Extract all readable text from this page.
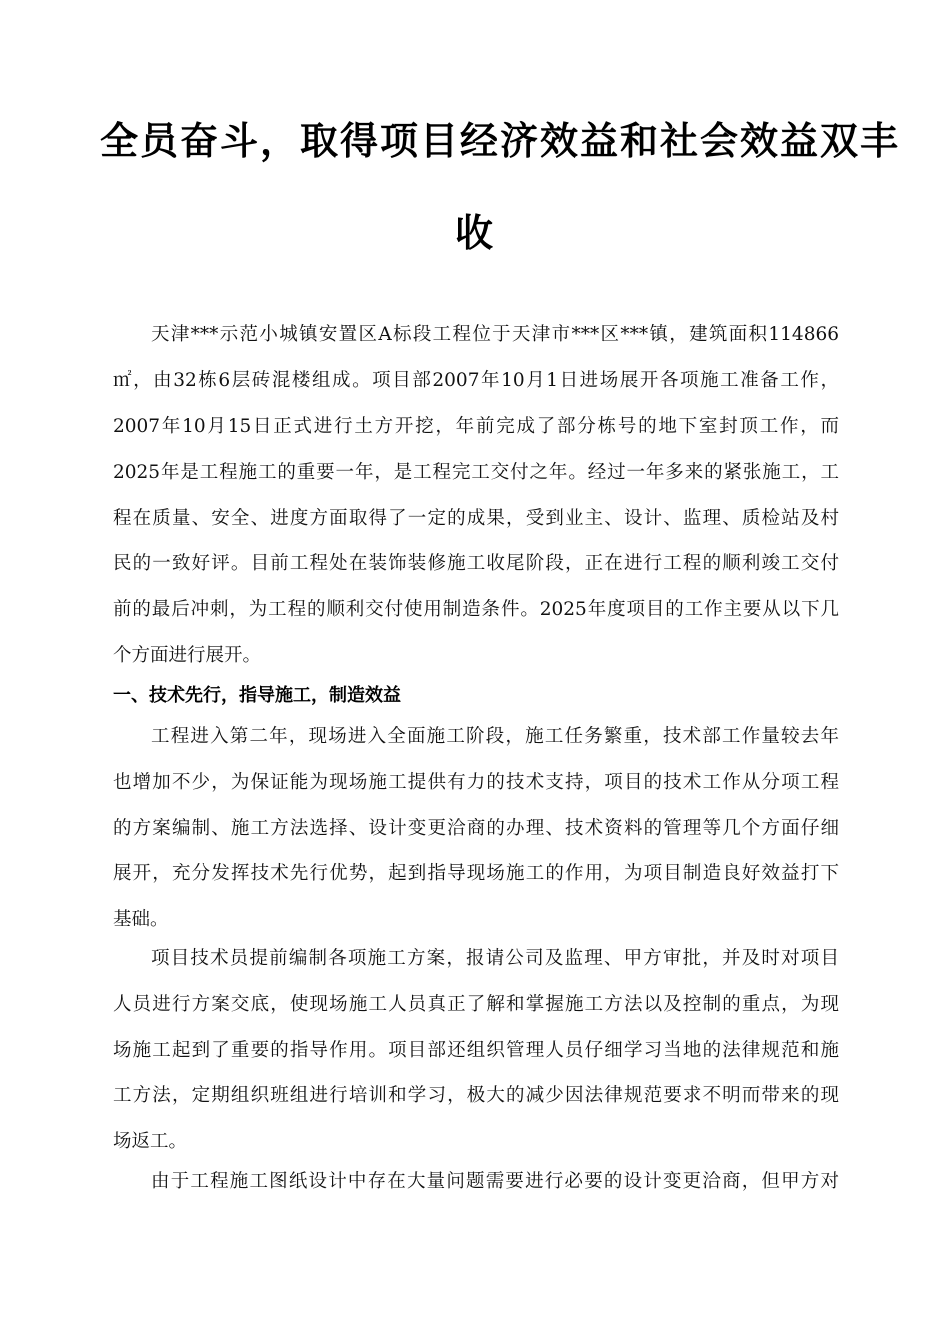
全员奋斗，取得项目经济效益和社会效益双丰
收
天津***示范小城镇安置区A标段工程位于天津市***区***镇，建筑面积114866
㎡，由32栋6层砖混楼组成。项目部2007年10月1日进场展开各项施工准备工作，
2007年10月15日正式进行土方开挖，年前完成了部分栋号的地下室封顶工作，而
2025年是工程施工的重要一年，是工程完工交付之年。经过一年多来的紧张施工，工
程在质量、安全、进度方面取得了一定的成果，受到业主、设计、监理、质检站及村
民的一致好评。目前工程处在装饰装修施工收尾阶段，正在进行工程的顺利竣工交付
前的最后冲刺，为工程的顺利交付使用制造条件。2025年度项目的工作主要从以下几
个方面进行展开。
一、技术先行，指导施工，制造效益
工程进入第二年，现场进入全面施工阶段，施工任务繁重，技术部工作量较去年
也增加不少，为保证能为现场施工提供有力的技术支持，项目的技术工作从分项工程
的方案编制、施工方法选择、设计变更洽商的办理、技术资料的管理等几个方面仔细
展开，充分发挥技术先行优势，起到指导现场施工的作用，为项目制造良好效益打下
基础。
项目技术员提前编制各项施工方案，报请公司及监理、甲方审批，并及时对项目
人员进行方案交底，使现场施工人员真正了解和掌握施工方法以及控制的重点，为现
场施工起到了重要的指导作用。项目部还组织管理人员仔细学习当地的法律规范和施
工方法，定期组织班组进行培训和学习，极大的减少因法律规范要求不明而带来的现
场返工。
由于工程施工图纸设计中存在大量问题需要进行必要的设计变更洽商，但甲方对
